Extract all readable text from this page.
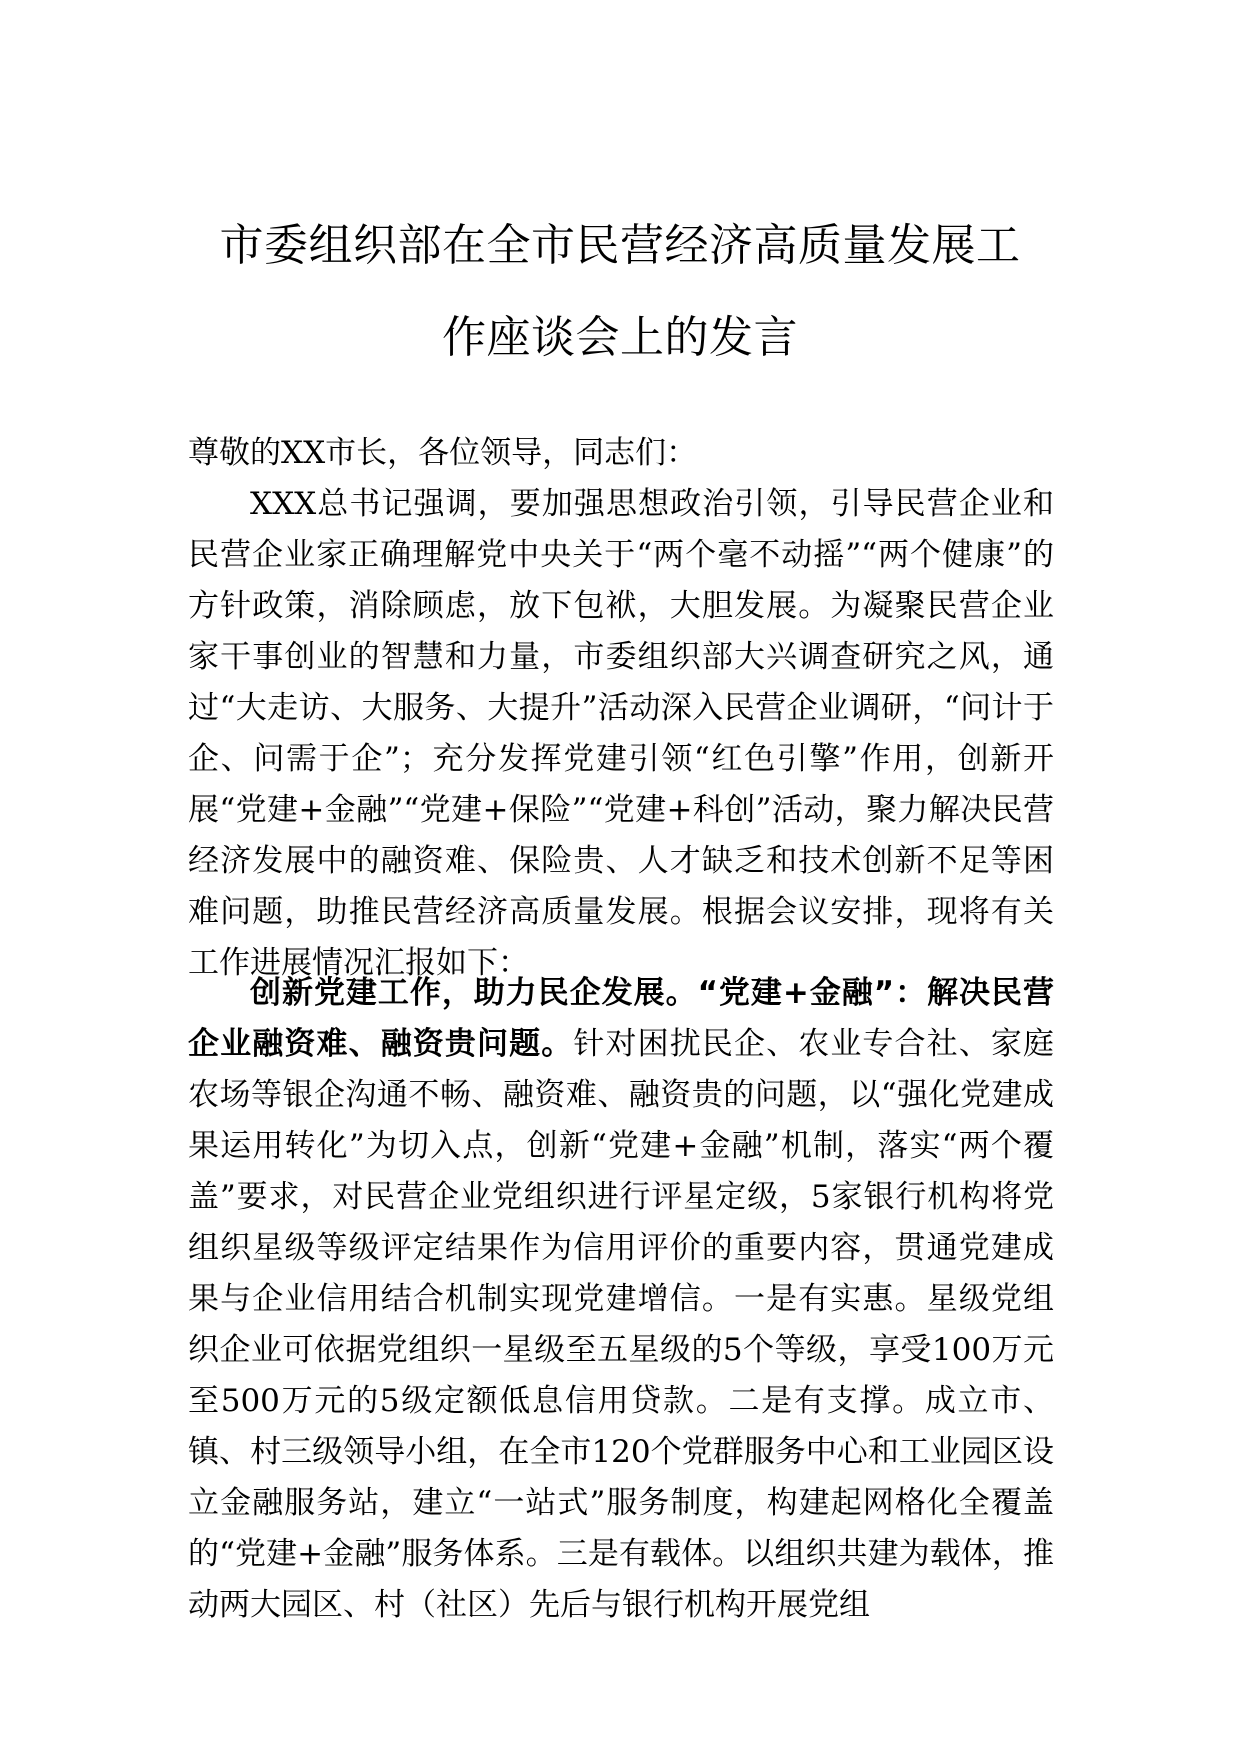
市委组织部在全市民营经济高质量发展工
作座谈会上的发言

尊敬的XX市长，各位领导，同志们：

XXX总书记强调，要加强思想政治引领，引导民营企业和民营企业家正确理解党中央关于“两个毫不动摇”“两个健康”的方针政策，消除顾虑，放下包袱，大胆发展。为凝聚民营企业家干事创业的智慧和力量，市委组织部大兴调查研究之风，通过“大走访、大服务、大提升”活动深入民营企业调研，“问计于企、问需于企”；充分发挥党建引领“红色引擎”作用，创新开展“党建+金融”“党建+保险”“党建+科创”活动，聚力解决民营经济发展中的融资难、保险贵、人才缺乏和技术创新不足等困难问题，助推民营经济高质量发展。根据会议安排，现将有关工作进展情况汇报如下：

创新党建工作，助力民企发展。“党建+金融”：解决民营企业融资难、融资贵问题。针对困扰民企、农业专合社、家庭农场等银企沟通不畅、融资难、融资贵的问题，以“强化党建成果运用转化”为切入点，创新“党建+金融”机制，落实“两个覆盖”要求，对民营企业党组织进行评星定级，5家银行机构将党组织星级等级评定结果作为信用评价的重要内容，贯通党建成果与企业信用结合机制实现党建增信。一是有实惠。星级党组织企业可依据党组织一星级至五星级的5个等级，享受100万元至500万元的5级定额低息信用贷款。二是有支撑。成立市、镇、村三级领导小组，在全市120个党群服务中心和工业园区设立金融服务站，建立“一站式”服务制度，构建起网格化全覆盖的“党建+金融”服务体系。三是有载体。以组织共建为载体，推动两大园区、村（社区）先后与银行机构开展党组
